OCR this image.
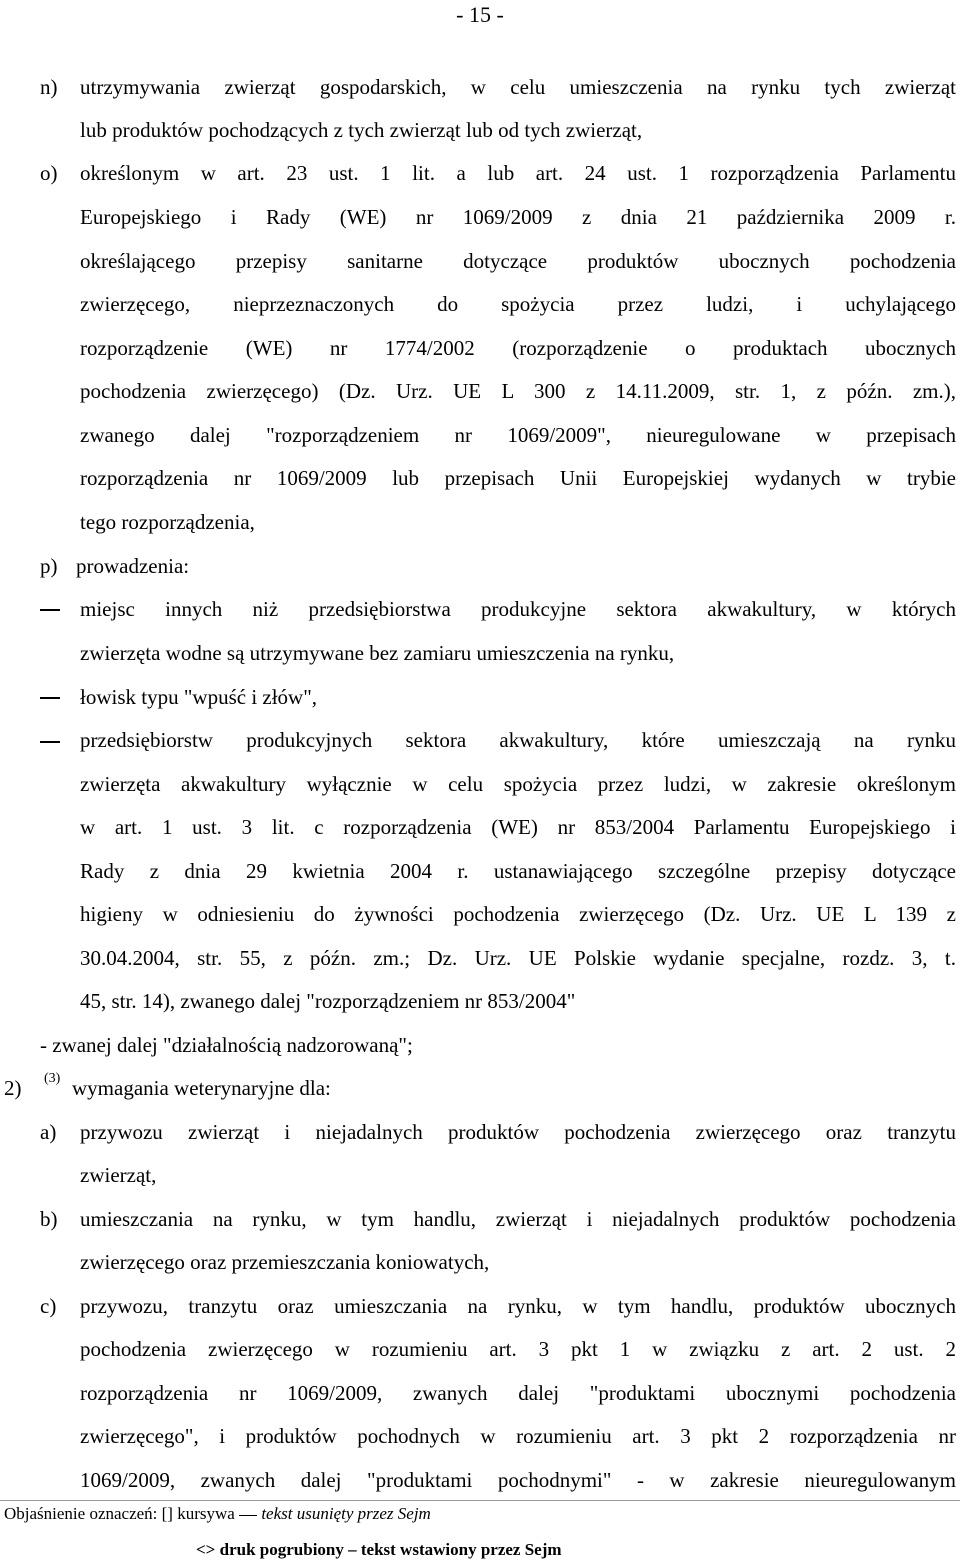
- 15 -
n) utrzymywania zwierząt gospodarskich, w celu umieszczenia na rynku tych zwierząt
lub produktów pochodzących z tych zwierząt lub od tych zwierząt,
o) określonym w art. 23 ust. 1 lit. a lub art. 24 ust. 1 rozporządzenia Parlamentu
Europejskiego i Rady (WE) nr 1069/2009 z dnia 21 października 2009 r.
określającego przepisy sanitarne dotyczące produktów ubocznych pochodzenia
zwierzęcego, nieprzeznaczonych do spożycia przez ludzi, i uchylającego
rozporządzenie (WE) nr 1774/2002 (rozporządzenie o produktach ubocznych
pochodzenia zwierzęcego) (Dz. Urz. UE L 300 z 14.11.2009, str. 1, z późn. zm.),
zwanego dalej "rozporządzeniem nr 1069/2009", nieuregulowane w przepisach
rozporządzenia nr 1069/2009 lub przepisach Unii Europejskiej wydanych w trybie
tego rozporządzenia,
p) prowadzenia:
miejsc innych niż przedsiębiorstwa produkcyjne sektora akwakultury, w których
zwierzęta wodne są utrzymywane bez zamiaru umieszczenia na rynku,
łowisk typu "wpuść i złów",
przedsiębiorstw produkcyjnych sektora akwakultury, które umieszczają na rynku
zwierzęta akwakultury wyłącznie w celu spożycia przez ludzi, w zakresie określonym
w art. 1 ust. 3 lit. c rozporządzenia (WE) nr 853/2004 Parlamentu Europejskiego i
Rady z dnia 29 kwietnia 2004 r. ustanawiającego szczególne przepisy dotyczące
higieny w odniesieniu do żywności pochodzenia zwierzęcego (Dz. Urz. UE L 139 z
30.04.2004, str. 55, z późn. zm.; Dz. Urz. UE Polskie wydanie specjalne, rozdz. 3, t.
45, str. 14), zwanego dalej "rozporządzeniem nr 853/2004"
- zwanej dalej "działalnością nadzorowaną";
2) (3) wymagania weterynaryjne dla:
a) przywozu zwierząt i niejadalnych produktów pochodzenia zwierzęcego oraz tranzytu
zwierząt,
b) umieszczania na rynku, w tym handlu, zwierząt i niejadalnych produktów pochodzenia
zwierzęcego oraz przemieszczania koniowatych,
c) przywozu, tranzytu oraz umieszczania na rynku, w tym handlu, produktów ubocznych
pochodzenia zwierzęcego w rozumieniu art. 3 pkt 1 w związku z art. 2 ust. 2
rozporządzenia nr 1069/2009, zwanych dalej "produktami ubocznymi pochodzenia
zwierzęcego", i produktów pochodnych w rozumieniu art. 3 pkt 2 rozporządzenia nr
1069/2009, zwanych dalej "produktami pochodnymi" - w zakresie nieuregulowanym
Objaśnienie oznaczeń: [] kursywa tekst usunięty przez Sejm
<> druk pogrubiony – tekst wstawiony przez Sejm
